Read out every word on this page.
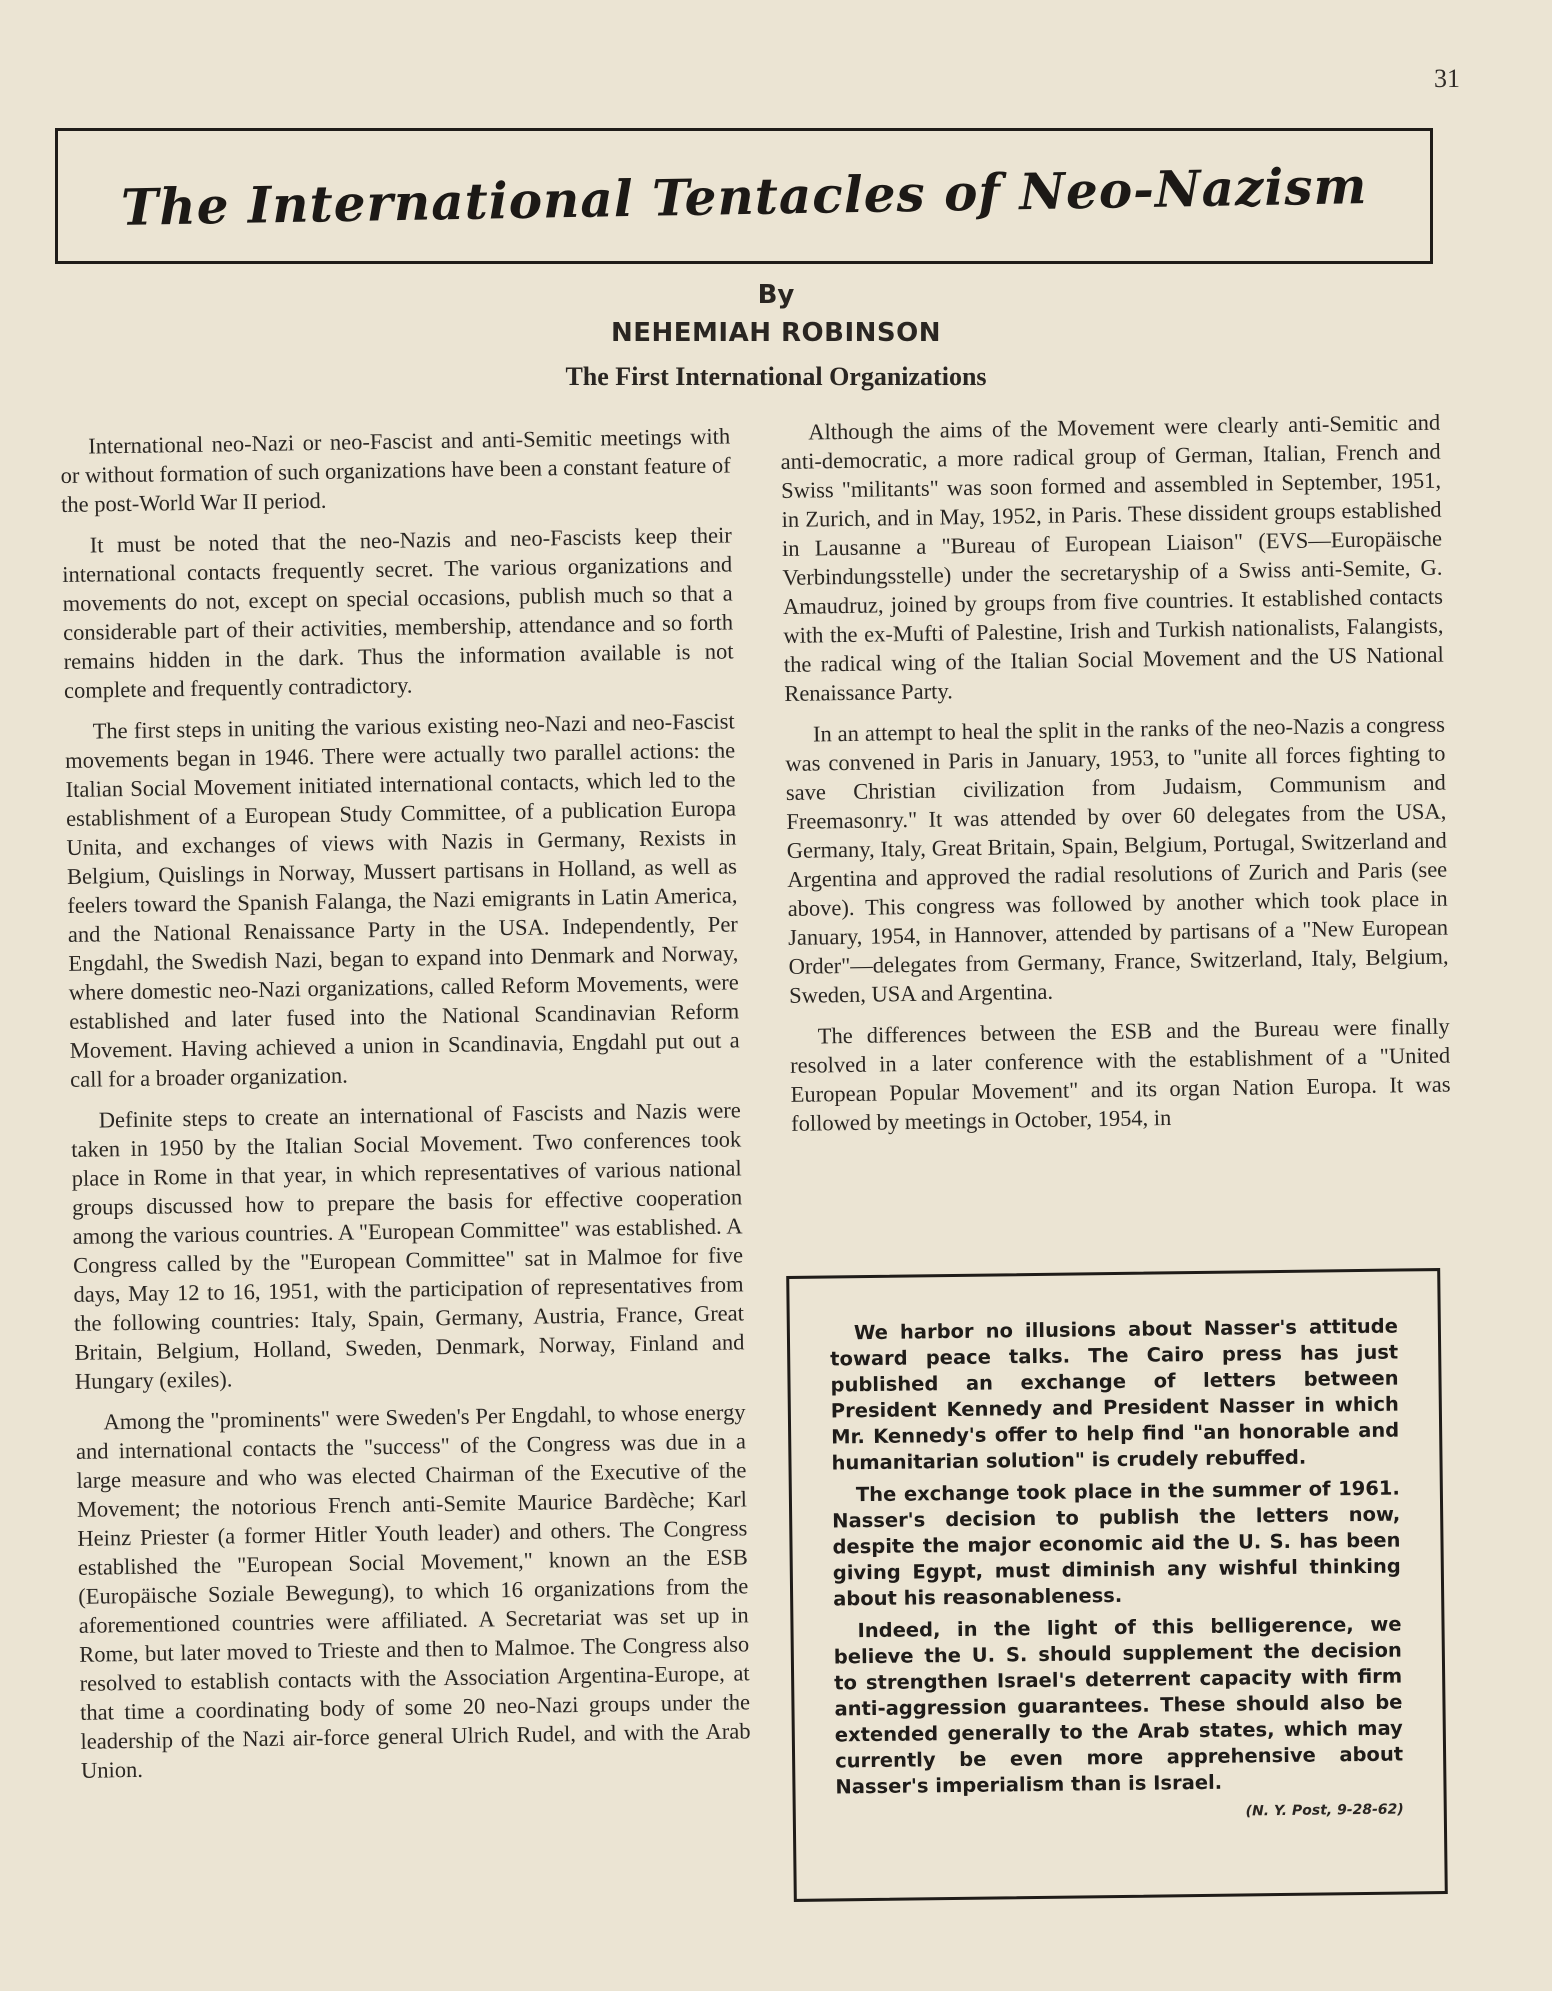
31
The International Tentacles of Neo-Nazism
By
NEHEMIAH ROBINSON
The First International Organizations

International neo-Nazi or neo-Fascist and anti-Semitic meetings with or without formation of such organizations have been a constant feature of the post-World War II period.

It must be noted that the neo-Nazis and neo-Fascists keep their international contacts frequently secret. The various organizations and movements do not, except on special occasions, publish much so that a considerable part of their activities, membership, attendance and so forth remains hidden in the dark. Thus the information available is not complete and frequently contradictory.

The first steps in uniting the various existing neo-Nazi and neo-Fascist movements began in 1946. There were actually two parallel actions: the Italian Social Movement initiated international contacts, which led to the establishment of a European Study Committee, of a publication Europa Unita, and exchanges of views with Nazis in Germany, Rexists in Belgium, Quislings in Norway, Mussert partisans in Holland, as well as feelers toward the Spanish Falanga, the Nazi emigrants in Latin America, and the National Renaissance Party in the USA. Independently, Per Engdahl, the Swedish Nazi, began to expand into Denmark and Norway, where domestic neo-Nazi organizations, called Reform Movements, were established and later fused into the National Scandinavian Reform Movement. Having achieved a union in Scandinavia, Engdahl put out a call for a broader organization.

Definite steps to create an international of Fascists and Nazis were taken in 1950 by the Italian Social Movement. Two conferences took place in Rome in that year, in which representatives of various national groups discussed how to prepare the basis for effective cooperation among the various countries. A "European Committee" was established. A Congress called by the "European Committee" sat in Malmoe for five days, May 12 to 16, 1951, with the participation of representatives from the following countries: Italy, Spain, Germany, Austria, France, Great Britain, Belgium, Holland, Sweden, Denmark, Norway, Finland and Hungary (exiles).

Among the "prominents" were Sweden's Per Engdahl, to whose energy and international contacts the "success" of the Congress was due in a large measure and who was elected Chairman of the Executive of the Movement; the notorious French anti-Semite Maurice Bardèche; Karl Heinz Priester (a former Hitler Youth leader) and others. The Congress established the "European Social Movement," known an the ESB (Europäische Soziale Bewegung), to which 16 organizations from the aforementioned countries were affiliated. A Secretariat was set up in Rome, but later moved to Trieste and then to Malmoe. The Congress also resolved to establish contacts with the Association Argentina-Europe, at that time a coordinating body of some 20 neo-Nazi groups under the leadership of the Nazi air-force general Ulrich Rudel, and with the Arab Union.

Although the aims of the Movement were clearly anti-Semitic and anti-democratic, a more radical group of German, Italian, French and Swiss "militants" was soon formed and assembled in September, 1951, in Zurich, and in May, 1952, in Paris. These dissident groups established in Lausanne a "Bureau of European Liaison" (EVS—Europäische Verbindungsstelle) under the secretaryship of a Swiss anti-Semite, G. Amaudruz, joined by groups from five countries. It established contacts with the ex-Mufti of Palestine, Irish and Turkish nationalists, Falangists, the radical wing of the Italian Social Movement and the US National Renaissance Party.

In an attempt to heal the split in the ranks of the neo-Nazis a congress was convened in Paris in January, 1953, to "unite all forces fighting to save Christian civilization from Judaism, Communism and Freemasonry." It was attended by over 60 delegates from the USA, Germany, Italy, Great Britain, Spain, Belgium, Portugal, Switzerland and Argentina and approved the radial resolutions of Zurich and Paris (see above). This congress was followed by another which took place in January, 1954, in Hannover, attended by partisans of a "New European Order"—delegates from Germany, France, Switzerland, Italy, Belgium, Sweden, USA and Argentina.

The differences between the ESB and the Bureau were finally resolved in a later conference with the establishment of a "United European Popular Movement" and its organ Nation Europa. It was followed by meetings in October, 1954, in

We harbor no illusions about Nasser's attitude toward peace talks. The Cairo press has just published an exchange of letters between President Kennedy and President Nasser in which Mr. Kennedy's offer to help find "an honorable and humanitarian solution" is crudely rebuffed.

The exchange took place in the summer of 1961. Nasser's decision to publish the letters now, despite the major economic aid the U. S. has been giving Egypt, must diminish any wishful thinking about his reasonableness.

Indeed, in the light of this belligerence, we believe the U. S. should supplement the decision to strengthen Israel's deterrent capacity with firm anti-aggression guarantees. These should also be extended generally to the Arab states, which may currently be even more apprehensive about Nasser's imperialism than is Israel.

(N. Y. Post, 9-28-62)
